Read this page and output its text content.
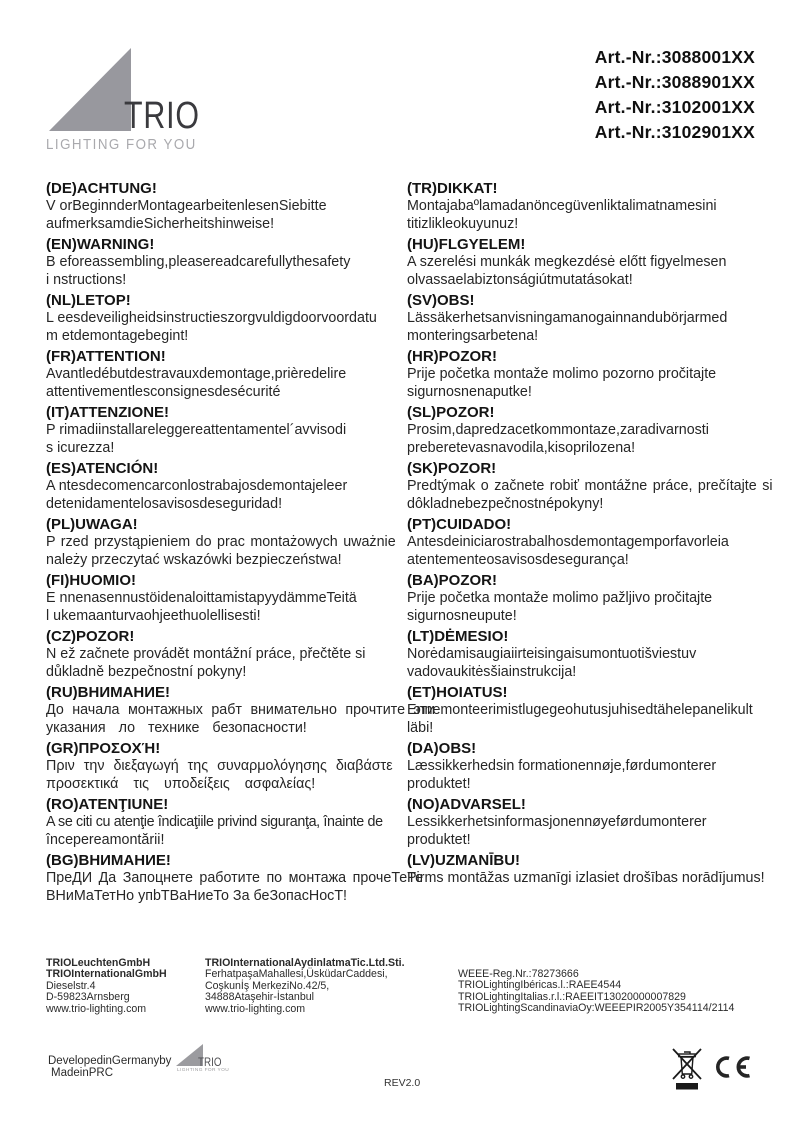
TRIO
LIGHTING FOR YOU
Art.-Nr.:3088001XX
Art.-Nr.:3088901XX
Art.-Nr.:3102001XX
Art.-Nr.:3102901XX
(DE)ACHTUNG!
V orBeginnderMontagearbeitenlesenSiebitte
aufmerksamdieSicherheitshinweise!
(EN)WARNING!
B eforeassembling,pleasereadcarefullythesafety
i nstructions!
(NL)LETOP!
L eesdeveiligheidsinstructieszorgvuldigdoorvoordatu
m etdemontagebegint!
(FR)ATTENTION!
Avantledébutdestravauxdemontage,prièredelire
attentivementlesconsignesdesécurité
(IT)ATTENZIONE!
P rimadiinstallareleggereattentamentel´avvisodi
s icurezza!
(ES)ATENCIÓN!
A ntesdecomencarconlostrabajosdemontajeleer
detenidamentelosavisosdeseguridad!
(PL)UWAGA!
P rzed przystąpieniem do prac montażowych uważnie
należy przeczytać wskazówki bezpieczeństwa!
(FI)HUOMIO!
E nnenasennustöidenaloittamistapyydämmeTeitä
l ukemaanturvaohjeethuolellisesti!
(CZ)POZOR!
N ež začnete provádět montážní práce, přečtěte si
důkladně bezpečnostní pokyny!
(RU)ВНИМАНИЕ!
До начала монтажных рабт внимательно прочтите эти
указания ло технике безопасности!
(GR)ΠΡΟΣΟΧΉ!
Πριν την διεξαγωγή της συναρμολόγησης διαβάστε
προσεκτικά τις υποδείξεις ασφαλείας!
(RO)ATENŢIUNE!
A se citi cu atenţie îndicaţiile privind siguranţa, înainte de
începereamontării!
(BG)ВНИМАНИЕ!
ПреДИ Да Запоцнете работите по монтажа прочеТеТе
ВНиМаТетНо упbТВаНиеТо За беЗопасНосТ!
(TR)DIKKAT!
Montajabaºlamadanöncegüvenliktalimatnamesini
titizlikleokuyunuz!
(HU)FLGYELEM!
A szerelési munkák megkezdésė előtt figyelmesen
olvassaelabiztonságiútmutatásokat!
(SV)OBS!
Lässäkerhetsanvisningamanogainnandubörjarmed
monteringsarbetena!
(HR)POZOR!
Prije početka montaže molimo pozorno pročitajte
sigurnosnenaputke!
(SL)POZOR!
Prosim,dapredzacetkommontaze,zaradivarnosti
preberetevasnavodila,kisoprilozena!
(SK)POZOR!
Predtýmak o začnete robiť montážne práce, prečítajte si
dôkladnebezpečnostnépokyny!
(PT)CUIDADO!
Antesdeiniciarostrabalhosdemontagemporfavorleia
atentementeosavisosdesegurança!
(BA)POZOR!
Prije početka montaže molimo pažljivo pročitajte
sigurnosneupute!
(LT)DĖMESIO!
Norėdamisaugiaiirteisingaisumontuotišviestuv
vadovaukitėsšiainstrukcija!
(ET)HOIATUS!
Ennemonteerimistlugegeohutusjuhisedtähelepanelikult
läbi!
(DA)OBS!
Læssikkerhedsin formationennøje,førdumonterer
produktet!
(NO)ADVARSEL!
Lessikkerhetsinformasjonennøyeførdumonterer
produktet!
(LV)UZMANĪBU!
Pirms montāžas uzmanīgi izlasiet drošības norādījumus!
TRIOLeuchtenGmbH
TRIOInternationalGmbH
Dieselstr.4
D-59823Arnsberg
www.trio-lighting.com
TRIOInternationalAydinlatmaTic.Ltd.Sti.
FerhatpaşaMahallesi,ÜsküdarCaddesi,
Coşkunİş MerkeziNo.42/5,
34888Ataşehir-İstanbul
www.trio-lighting.com
WEEE-Reg.Nr.:78273666
TRIOLightingIbéricas.l.:RAEE4544
TRIOLightingItalias.r.l.:RAEEIT13020000007829
TRIOLightingScandinaviaOy:WEEEPIR2005Y354114/2114
DevelopedinGermanyby
MadeinPRC
TRIO
LIGHTING FOR YOU
REV2.0
